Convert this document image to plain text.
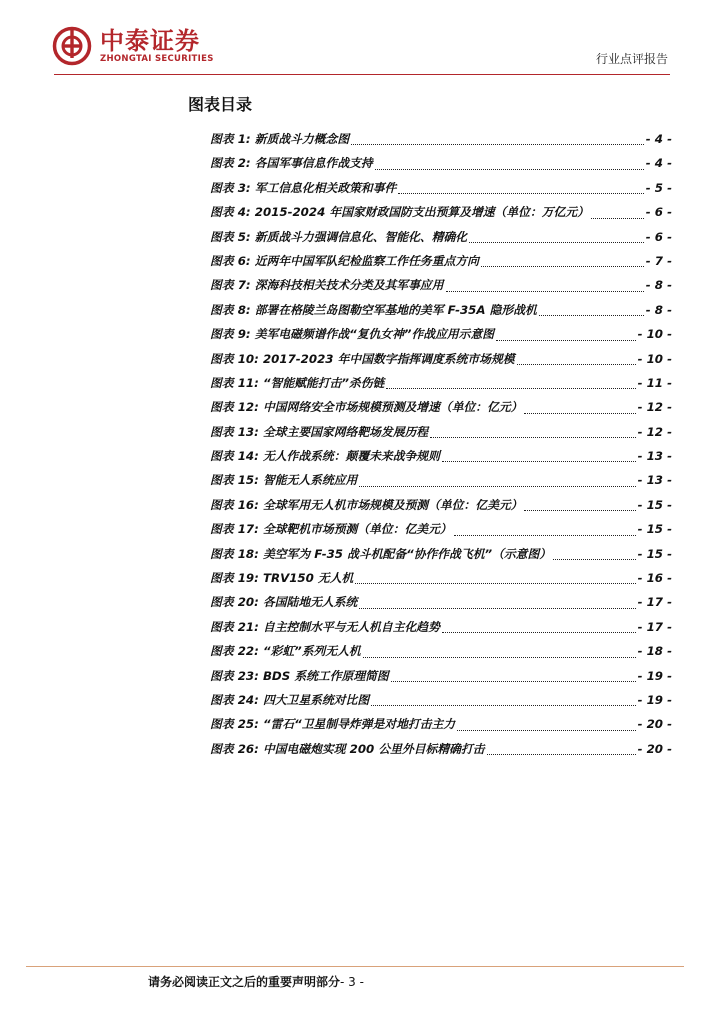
中泰证券
ZHONGTAI SECURITIES	行业点评报告
图表目录
图表 1: 新质战斗力概念图	- 4 -
图表 2: 各国军事信息作战支持	- 4 -
图表 3: 军工信息化相关政策和事件	- 5 -
图表 4: 2015-2024 年国家财政国防支出预算及增速（单位：万亿元）	- 6 -
图表 5: 新质战斗力强调信息化、智能化、精确化	- 6 -
图表 6: 近两年中国军队纪检监察工作任务重点方向	- 7 -
图表 7: 深海科技相关技术分类及其军事应用	- 8 -
图表 8: 部署在格陵兰岛图勒空军基地的美军 F-35A 隐形战机	- 8 -
图表 9: 美军电磁频谱作战“复仇女神”作战应用示意图	- 10 -
图表 10: 2017-2023 年中国数字指挥调度系统市场规模	- 10 -
图表 11: “智能赋能打击”杀伤链	- 11 -
图表 12: 中国网络安全市场规模预测及增速（单位：亿元）	- 12 -
图表 13: 全球主要国家网络靶场发展历程	- 12 -
图表 14: 无人作战系统：颠覆未来战争规则	- 13 -
图表 15: 智能无人系统应用	- 13 -
图表 16: 全球军用无人机市场规模及预测（单位：亿美元）	- 15 -
图表 17: 全球靶机市场预测（单位：亿美元）	- 15 -
图表 18: 美空军为 F-35 战斗机配备“协作作战飞机”（示意图）	- 15 -
图表 19: TRV150 无人机	- 16 -
图表 20: 各国陆地无人系统	- 17 -
图表 21: 自主控制水平与无人机自主化趋势	- 17 -
图表 22: “彩虹”系列无人机	- 18 -
图表 23: BDS 系统工作原理简图	- 19 -
图表 24: 四大卫星系统对比图	- 19 -
图表 25: “雷石“卫星制导炸弹是对地打击主力	- 20 -
图表 26: 中国电磁炮实现 200 公里外目标精确打击	- 20 -
请务必阅读正文之后的重要声明部分- 3 -
